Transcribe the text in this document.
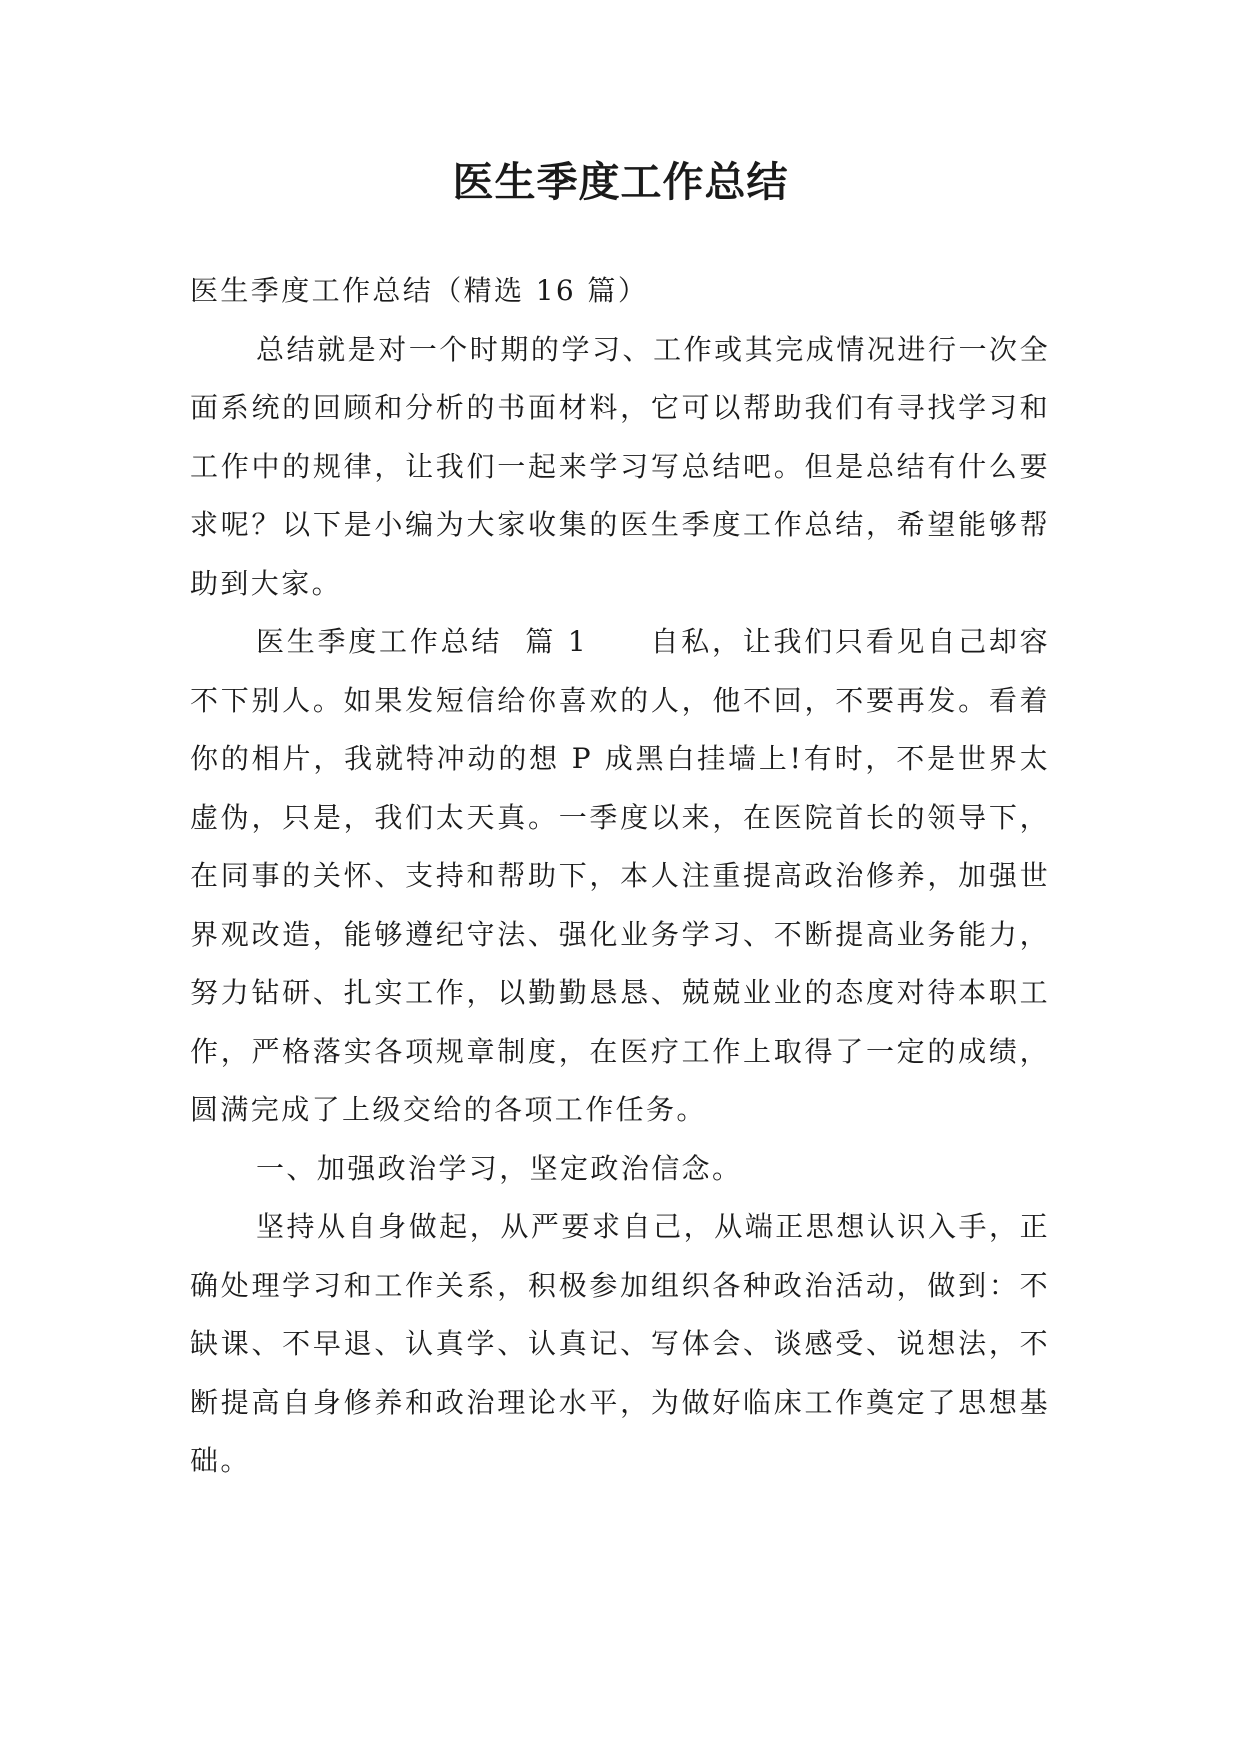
医生季度工作总结

医生季度工作总结（精选 16 篇）

总结就是对一个时期的学习、工作或其完成情况进行一次全面系统的回顾和分析的书面材料，它可以帮助我们有寻找学习和工作中的规律，让我们一起来学习写总结吧。但是总结有什么要求呢？以下是小编为大家收集的医生季度工作总结，希望能够帮助到大家。

医生季度工作总结  篇 1 自私，让我们只看见自己却容不下别人。如果发短信给你喜欢的人，他不回，不要再发。看着你的相片，我就特冲动的想 P 成黑白挂墙上!有时，不是世界太虚伪，只是，我们太天真。一季度以来，在医院首长的领导下，在同事的关怀、支持和帮助下，本人注重提高政治修养，加强世界观改造，能够遵纪守法、强化业务学习、不断提高业务能力，努力钻研、扎实工作，以勤勤恳恳、兢兢业业的态度对待本职工作，严格落实各项规章制度，在医疗工作上取得了一定的成绩，圆满完成了上级交给的各项工作任务。

一、加强政治学习，坚定政治信念。

坚持从自身做起，从严要求自己，从端正思想认识入手，正确处理学习和工作关系，积极参加组织各种政治活动，做到：不缺课、不早退、认真学、认真记、写体会、谈感受、说想法，不断提高自身修养和政治理论水平，为做好临床工作奠定了思想基础。
